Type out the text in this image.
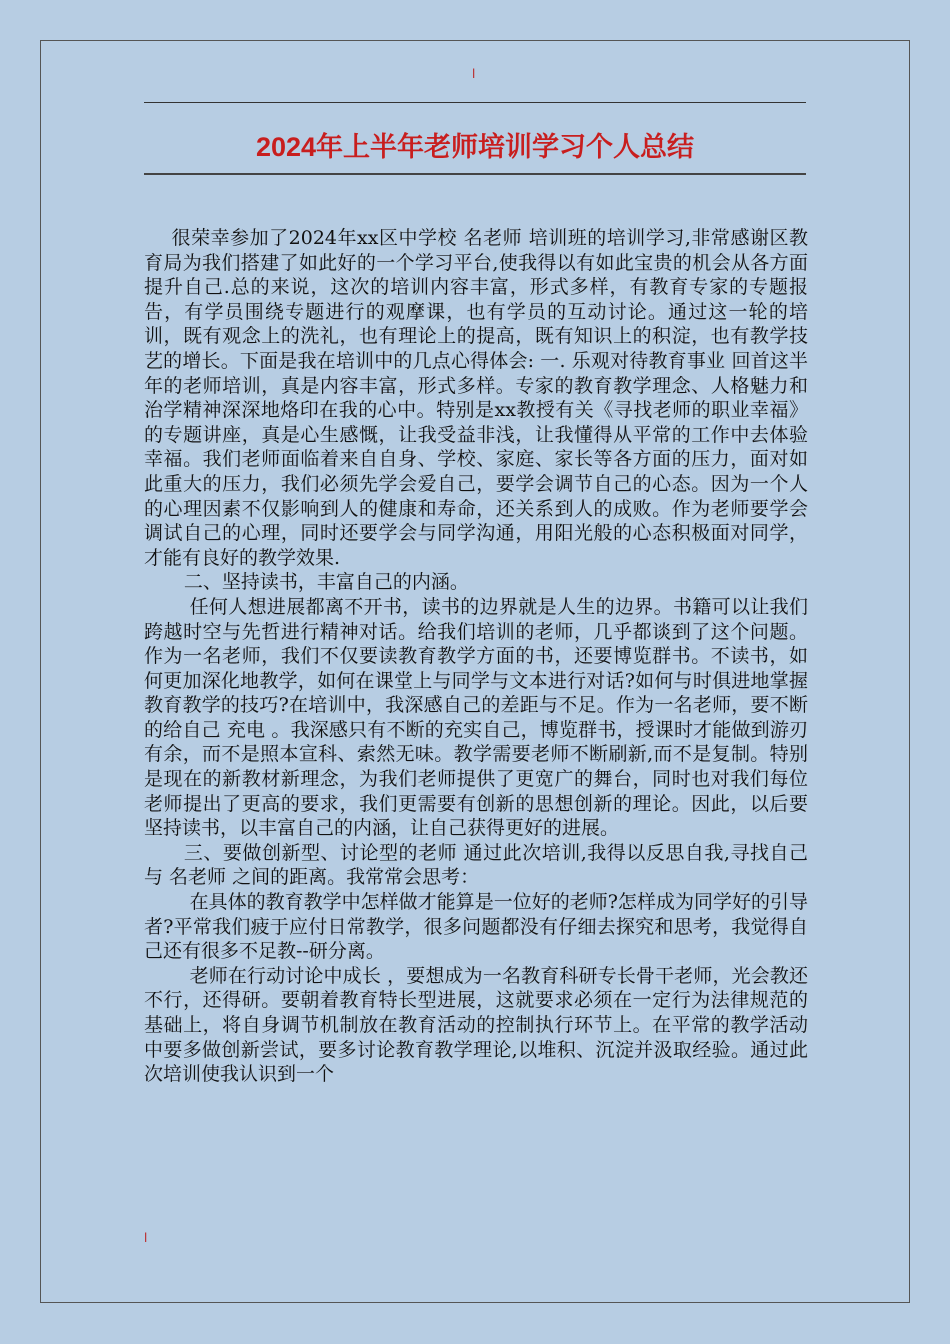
l
2024年上半年老师培训学习个人总结

很荣幸参加了2024年xx区中学校 名老师 培训班的培训学习,非常感谢区教育局为我们搭建了如此好的一个学习平台,使我得以有如此宝贵的机会从各方面提升自己.总的来说，这次的培训内容丰富，形式多样，有教育专家的专题报告，有学员围绕专题进行的观摩课，也有学员的互动讨论。通过这一轮的培训，既有观念上的洗礼，也有理论上的提高，既有知识上的积淀，也有教学技艺的增长。下面是我在培训中的几点心得体会: 一. 乐观对待教育事业 回首这半年的老师培训，真是内容丰富，形式多样。专家的教育教学理念、人格魅力和治学精神深深地烙印在我的心中。特别是xx教授有关《寻找老师的职业幸福》的专题讲座，真是心生感慨，让我受益非浅，让我懂得从平常的工作中去体验幸福。我们老师面临着来自自身、学校、家庭、家长等各方面的压力，面对如此重大的压力，我们必须先学会爱自己，要学会调节自己的心态。因为一个人的心理因素不仅影响到人的健康和寿命，还关系到人的成败。作为老师要学会调试自己的心理，同时还要学会与同学沟通，用阳光般的心态积极面对同学，才能有良好的教学效果.

二、坚持读书，丰富自己的内涵。

任何人想进展都离不开书，读书的边界就是人生的边界。书籍可以让我们跨越时空与先哲进行精神对话。给我们培训的老师，几乎都谈到了这个问题。作为一名老师，我们不仅要读教育教学方面的书，还要博览群书。不读书，如何更加深化地教学，如何在课堂上与同学与文本进行对话?如何与时俱进地掌握教育教学的技巧?在培训中，我深感自己的差距与不足。作为一名老师，要不断的给自己 充电 。我深感只有不断的充实自己，博览群书，授课时才能做到游刃有余，而不是照本宣科、索然无味。教学需要老师不断刷新,而不是复制。特别是现在的新教材新理念，为我们老师提供了更宽广的舞台，同时也对我们每位老师提出了更高的要求，我们更需要有创新的思想创新的理论。因此，以后要坚持读书，以丰富自己的内涵，让自己获得更好的进展。

三、要做创新型、讨论型的老师 通过此次培训,我得以反思自我,寻找自己与 名老师 之间的距离。我常常会思考：

在具体的教育教学中怎样做才能算是一位好的老师?怎样成为同学好的引导者?平常我们疲于应付日常教学，很多问题都没有仔细去探究和思考，我觉得自己还有很多不足教--研分离。

老师在行动讨论中成长 ，要想成为一名教育科研专长骨干老师，光会教还不行，还得研。要朝着教育特长型进展，这就要求必须在一定行为法律规范的基础上，将自身调节机制放在教育活动的控制执行环节上。在平常的教学活动中要多做创新尝试，要多讨论教育教学理论,以堆积、沉淀并汲取经验。通过此次培训使我认识到一个

l
